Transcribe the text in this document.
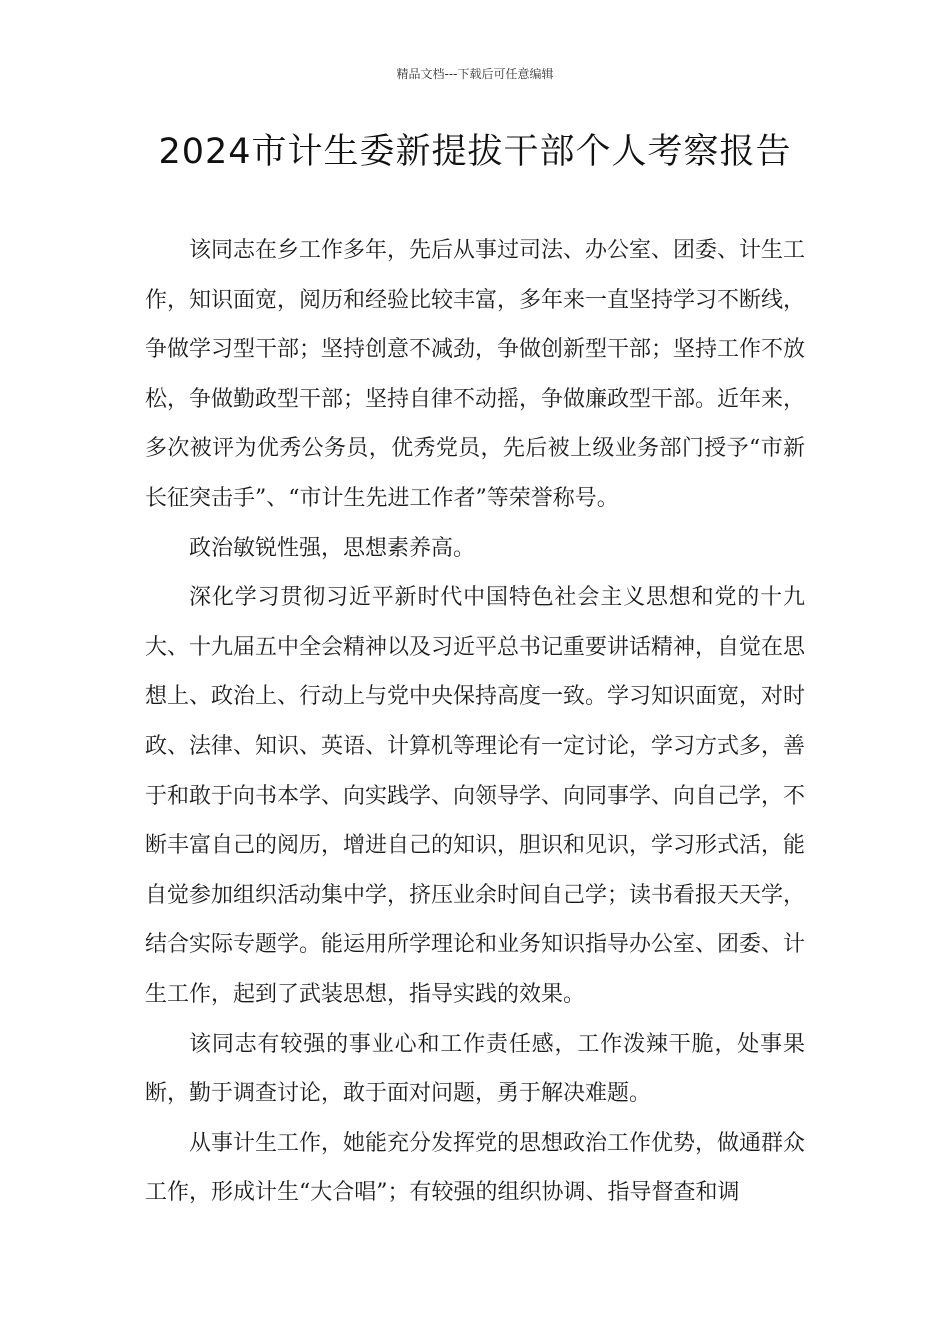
精品文档---下载后可任意编辑
2024市计生委新提拔干部个人考察报告

该同志在乡工作多年，先后从事过司法、办公室、团委、计生工作，知识面宽，阅历和经验比较丰富，多年来一直坚持学习不断线，争做学习型干部；坚持创意不减劲，争做创新型干部；坚持工作不放松，争做勤政型干部；坚持自律不动摇，争做廉政型干部。近年来，多次被评为优秀公务员，优秀党员，先后被上级业务部门授予“市新长征突击手”、“市计生先进工作者”等荣誉称号。

政治敏锐性强，思想素养高。

深化学习贯彻习近平新时代中国特色社会主义思想和党的十九大、十九届五中全会精神以及习近平总书记重要讲话精神，自觉在思想上、政治上、行动上与党中央保持高度一致。学习知识面宽，对时政、法律、知识、英语、计算机等理论有一定讨论，学习方式多，善于和敢于向书本学、向实践学、向领导学、向同事学、向自己学，不断丰富自己的阅历，增进自己的知识，胆识和见识，学习形式活，能自觉参加组织活动集中学，挤压业余时间自己学；读书看报天天学，结合实际专题学。能运用所学理论和业务知识指导办公室、团委、计生工作，起到了武装思想，指导实践的效果。

该同志有较强的事业心和工作责任感，工作泼辣干脆，处事果断，勤于调查讨论，敢于面对问题，勇于解决难题。

从事计生工作，她能充分发挥党的思想政治工作优势，做通群众工作，形成计生“大合唱”；有较强的组织协调、指导督查和调
